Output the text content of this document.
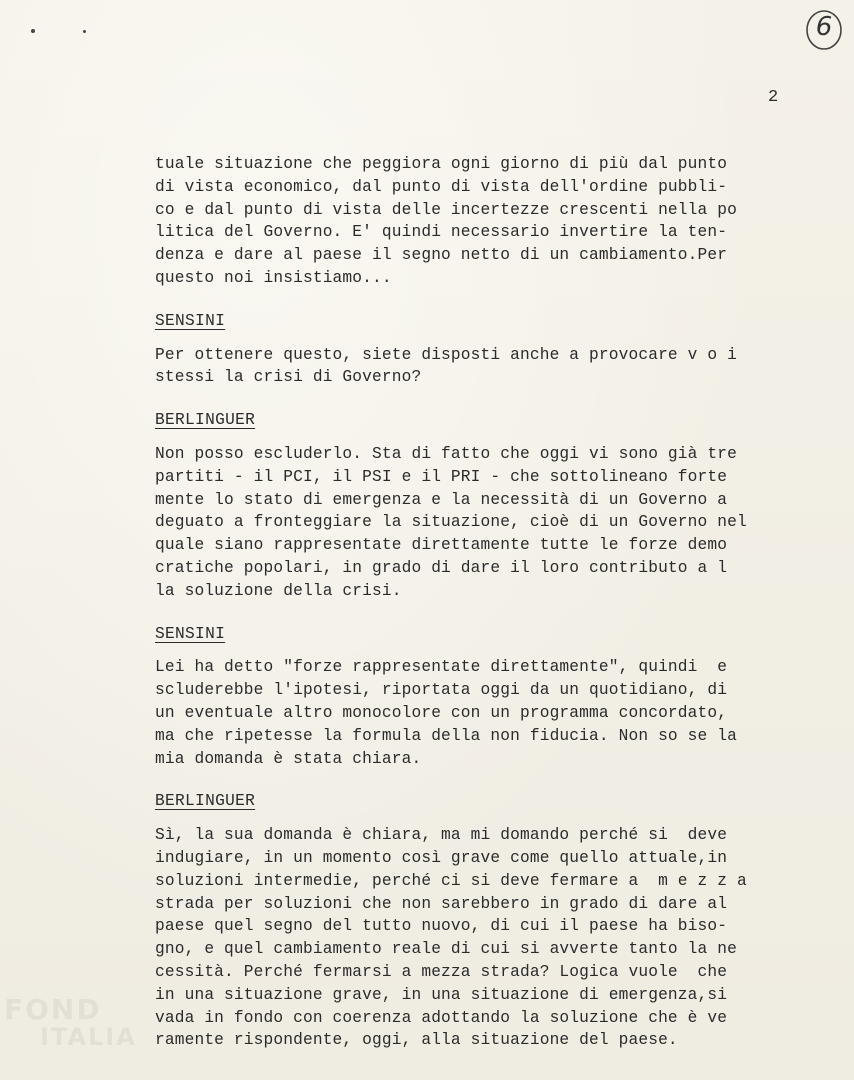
6
2
tuale situazione che peggiora ogni giorno di più dal punto
di vista economico, dal punto di vista dell'ordine pubbli-
co e dal punto di vista delle incertezze crescenti nella po
litica del Governo. E' quindi necessario invertire la ten-
denza e dare al paese il segno netto di un cambiamento.Per
questo noi insistiamo...
SENSINI
Per ottenere questo, siete disposti anche a provocare v o i
stessi la crisi di Governo?
BERLINGUER
Non posso escluderlo. Sta di fatto che oggi vi sono già tre
partiti - il PCI, il PSI e il PRI - che sottolineano forte
mente lo stato di emergenza e la necessità di un Governo a
deguato a fronteggiare la situazione, cioè di un Governo nel
quale siano rappresentate direttamente tutte le forze demo
cratiche popolari, in grado di dare il loro contributo a l
la soluzione della crisi.
SENSINI
Lei ha detto "forze rappresentate direttamente", quindi  e
scluderebbe l'ipotesi, riportata oggi da un quotidiano, di
un eventuale altro monocolore con un programma concordato,
ma che ripetesse la formula della non fiducia. Non so se la
mia domanda è stata chiara.
BERLINGUER
Sì, la sua domanda è chiara, ma mi domando perché si  deve
indugiare, in un momento così grave come quello attuale,in
soluzioni intermedie, perché ci si deve fermare a  m e z z a
strada per soluzioni che non sarebbero in grado di dare al
paese quel segno del tutto nuovo, di cui il paese ha biso-
gno, e quel cambiamento reale di cui si avverte tanto la ne
cessità. Perché fermarsi a mezza strada? Logica vuole  che
in una situazione grave, in una situazione di emergenza,si
vada in fondo con coerenza adottando la soluzione che è ve
ramente rispondente, oggi, alla situazione del paese.
FOND
ITALIA
